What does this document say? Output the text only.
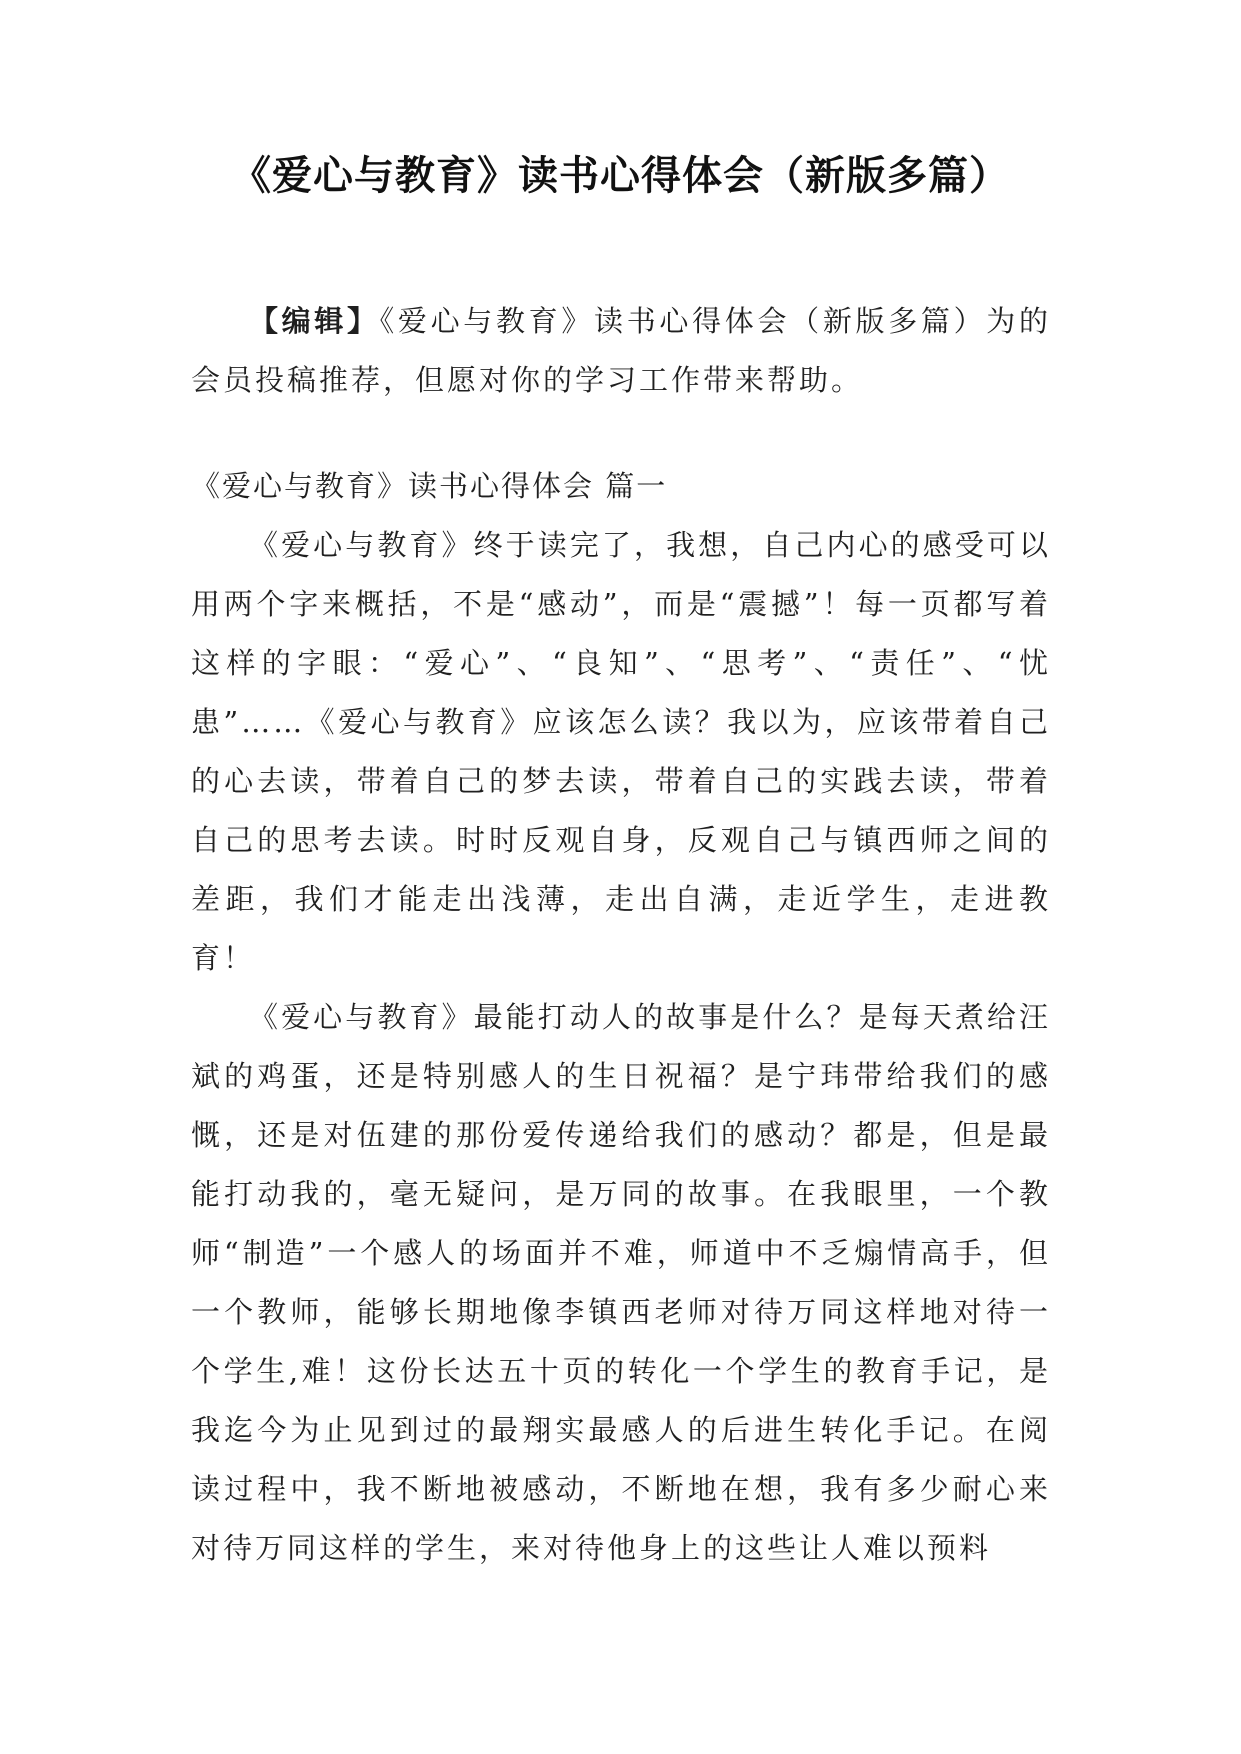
《爱心与教育》读书心得体会（新版多篇）

【编辑】《爱心与教育》读书心得体会（新版多篇）为的会员投稿推荐，但愿对你的学习工作带来帮助。

《爱心与教育》读书心得体会 篇一

《爱心与教育》终于读完了，我想，自己内心的感受可以用两个字来概括，不是“感动”，而是“震撼”！每一页都写着这样的字眼：“爱心”、“良知”、“思考”、“责任”、“忧患”……《爱心与教育》应该怎么读？我以为，应该带着自己的心去读，带着自己的梦去读，带着自己的实践去读，带着自己的思考去读。时时反观自身，反观自己与镇西师之间的差距，我们才能走出浅薄，走出自满，走近学生，走进教育！

《爱心与教育》最能打动人的故事是什么？是每天煮给汪斌的鸡蛋，还是特别感人的生日祝福？是宁玮带给我们的感慨，还是对伍建的那份爱传递给我们的感动？都是，但是最能打动我的，毫无疑问，是万同的故事。在我眼里，一个教师“制造”一个感人的场面并不难，师道中不乏煽情高手，但一个教师，能够长期地像李镇西老师对待万同这样地对待一个学生,难！这份长达五十页的转化一个学生的教育手记，是我迄今为止见到过的最翔实最感人的后进生转化手记。在阅读过程中，我不断地被感动，不断地在想，我有多少耐心来对待万同这样的学生，来对待他身上的这些让人难以预料
